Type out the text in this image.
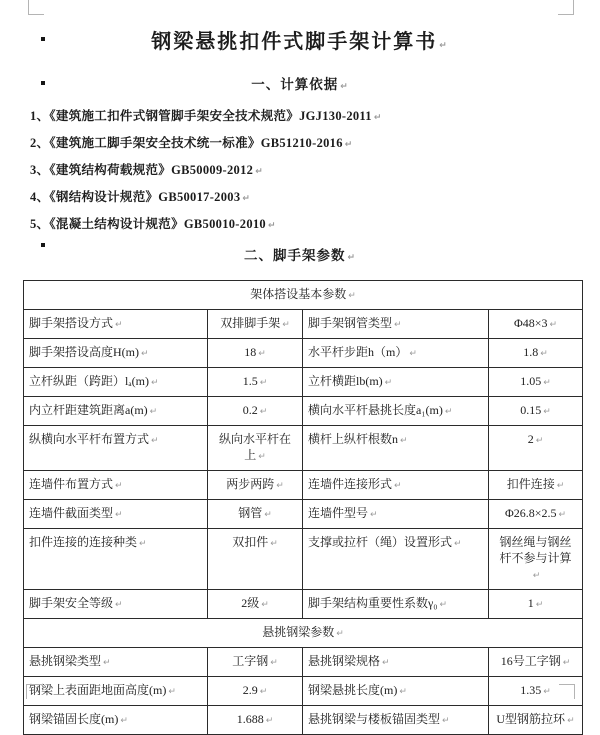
钢梁悬挑扣件式脚手架计算书 ↵
一、计算依据 ↵
1、《建筑施工扣件式钢管脚手架安全技术规范》JGJ130-2011 ↵
2、《建筑施工脚手架安全技术统一标准》GB51210-2016 ↵
3、《建筑结构荷载规范》GB50009-2012 ↵
4、《钢结构设计规范》GB50017-2003 ↵
5、《混凝土结构设计规范》GB50010-2010 ↵
二、脚手架参数 ↵
架体搭设基本参数 ↵
脚手架搭设方式 ↵	双排脚手架 ↵	脚手架钢管类型 ↵	Φ48×3 ↵
脚手架搭设高度H(m) ↵	18 ↵	水平杆步距h（m） ↵	1.8 ↵
立杆纵距（跨距）lₐ(m) ↵	1.5 ↵	立杆横距lb(m) ↵	1.05 ↵
内立杆距建筑距离a(m) ↵	0.2 ↵	横向水平杆悬挑长度a₁(m) ↵	0.15 ↵
纵横向水平杆布置方式 ↵	纵向水平杆在上 ↵	横杆上纵杆根数n ↵	2 ↵
连墙件布置方式 ↵	两步两跨 ↵	连墙件连接形式 ↵	扣件连接 ↵
连墙件截面类型 ↵	钢管 ↵	连墙件型号 ↵	Φ26.8×2.5 ↵
扣件连接的连接种类 ↵	双扣件 ↵	支撑或拉杆（绳）设置形式 ↵	钢丝绳与钢丝杆不参与计算 ↵
脚手架安全等级 ↵	2级 ↵	脚手架结构重要性系数γ₀ ↵	1 ↵
悬挑钢梁参数 ↵
悬挑钢梁类型 ↵	工字钢 ↵	悬挑钢梁规格 ↵	16号工字钢 ↵
钢梁上表面距地面高度(m) ↵	2.9 ↵	钢梁悬挑长度(m) ↵	1.35 ↵
钢梁锚固长度(m) ↵	1.688 ↵	悬挑钢梁与楼板锚固类型 ↵	U型钢筋拉环 ↵
